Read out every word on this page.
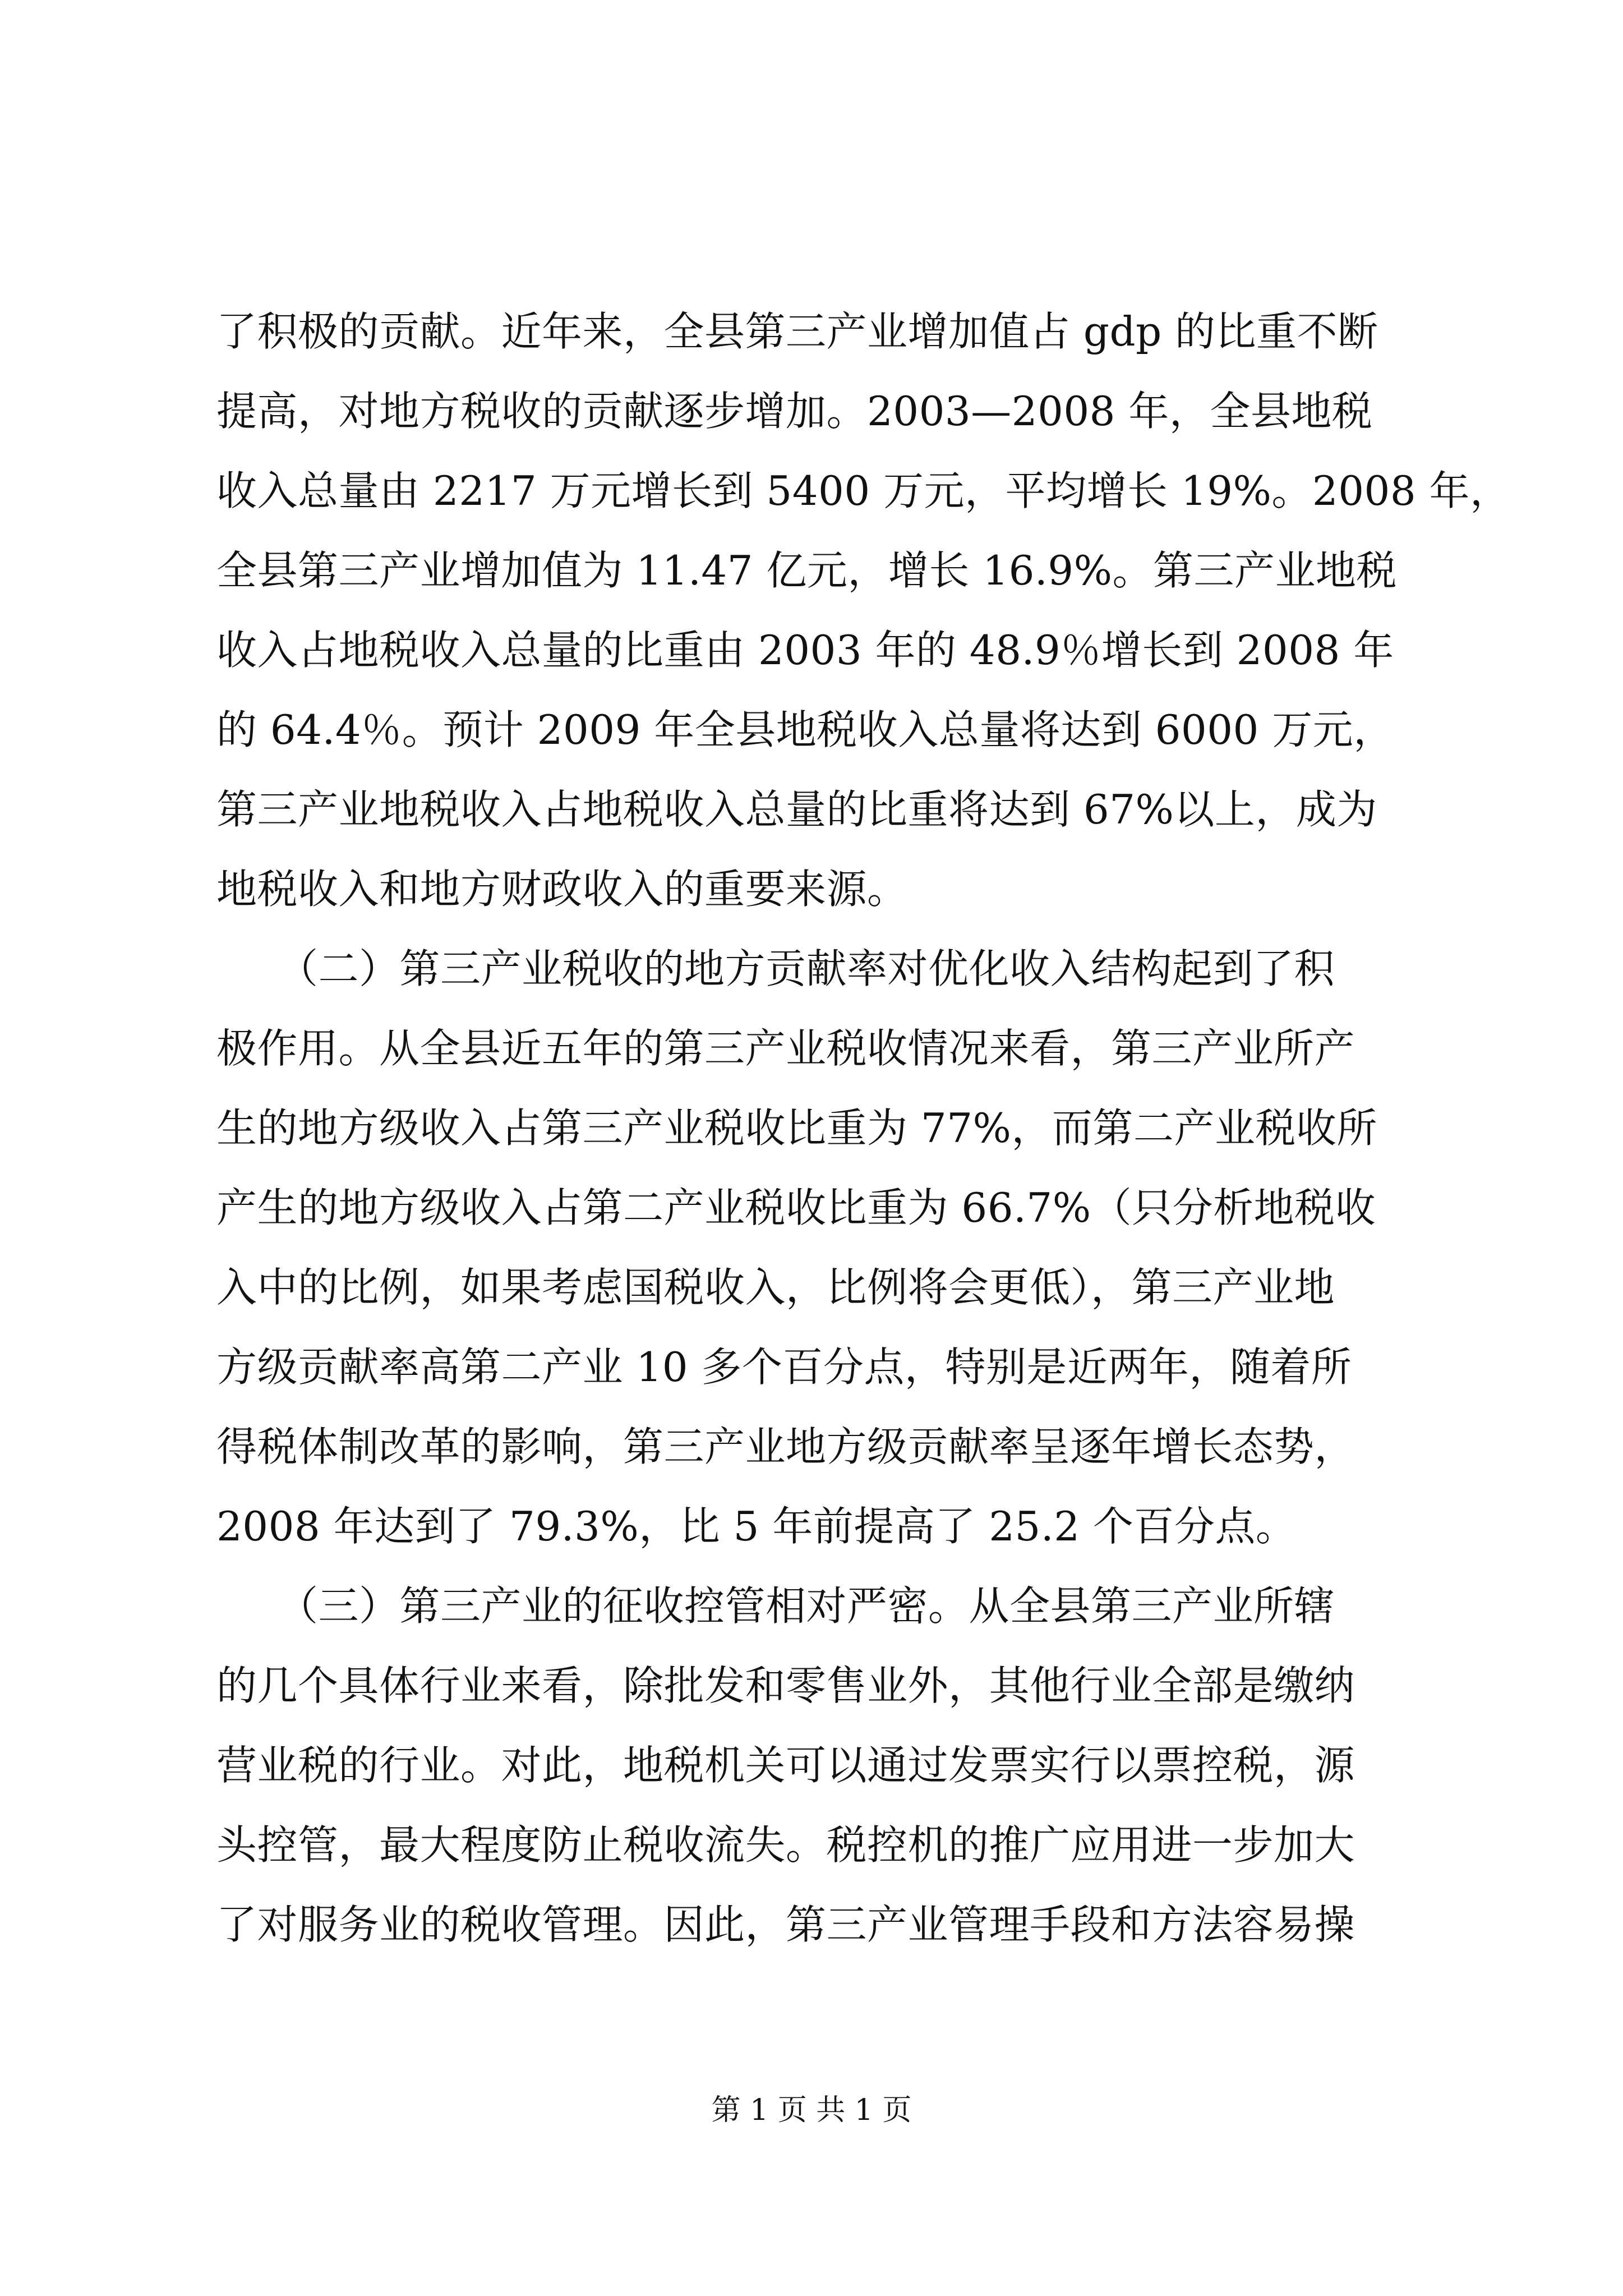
了积极的贡献。近年来，全县第三产业增加值占 gdp 的比重不断
提高，对地方税收的贡献逐步增加。2003—2008 年，全县地税
收入总量由 2217 万元增长到 5400 万元，平均增长 19%。2008 年，
全县第三产业增加值为 11.47 亿元，增长 16.9%。第三产业地税
收入占地税收入总量的比重由 2003 年的 48.9％增长到 2008 年
的 64.4％。预计 2009 年全县地税收入总量将达到 6000 万元，
第三产业地税收入占地税收入总量的比重将达到 67%以上，成为
地税收入和地方财政收入的重要来源。
　　（二）第三产业税收的地方贡献率对优化收入结构起到了积
极作用。从全县近五年的第三产业税收情况来看，第三产业所产
生的地方级收入占第三产业税收比重为 77%，而第二产业税收所
产生的地方级收入占第二产业税收比重为 66.7%（只分析地税收
入中的比例，如果考虑国税收入，比例将会更低），第三产业地
方级贡献率高第二产业 10 多个百分点，特别是近两年，随着所
得税体制改革的影响，第三产业地方级贡献率呈逐年增长态势，
2008 年达到了 79.3%，比 5 年前提高了 25.2 个百分点。
　　（三）第三产业的征收控管相对严密。从全县第三产业所辖
的几个具体行业来看，除批发和零售业外，其他行业全部是缴纳
营业税的行业。对此，地税机关可以通过发票实行以票控税，源
头控管，最大程度防止税收流失。税控机的推广应用进一步加大
了对服务业的税收管理。因此，第三产业管理手段和方法容易操
第 1 页 共 1 页
